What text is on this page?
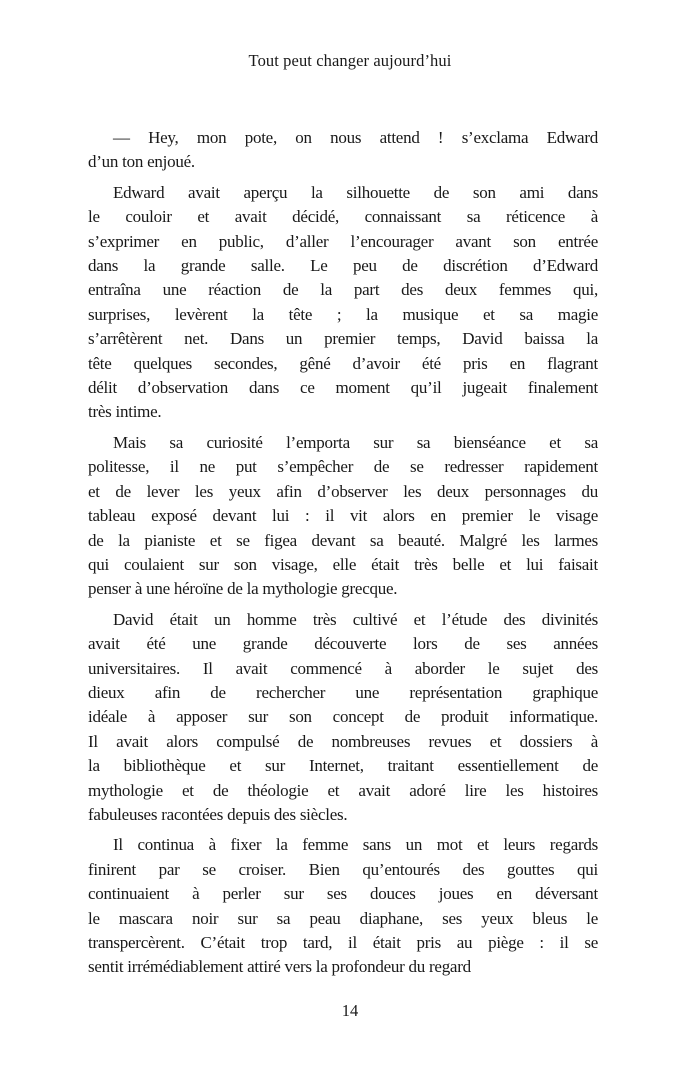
Tout peut changer aujourd’hui
— Hey, mon pote, on nous attend ! s’exclama Edward
d’un ton enjoué.
Edward avait aperçu la silhouette de son ami dans
le couloir et avait décidé, connaissant sa réticence à
s’exprimer en public, d’aller l’encourager avant son entrée
dans la grande salle. Le peu de discrétion d’Edward
entraîna une réaction de la part des deux femmes qui,
surprises, levèrent la tête ; la musique et sa magie
s’arrêtèrent net. Dans un premier temps, David baissa la
tête quelques secondes, gêné d’avoir été pris en flagrant
délit d’observation dans ce moment qu’il jugeait finalement
très intime.
Mais sa curiosité l’emporta sur sa bienséance et sa
politesse, il ne put s’empêcher de se redresser rapidement
et de lever les yeux afin d’observer les deux personnages du
tableau exposé devant lui : il vit alors en premier le visage
de la pianiste et se figea devant sa beauté. Malgré les larmes
qui coulaient sur son visage, elle était très belle et lui faisait
penser à une héroïne de la mythologie grecque.
David était un homme très cultivé et l’étude des divinités
avait été une grande découverte lors de ses années
universitaires. Il avait commencé à aborder le sujet des
dieux afin de rechercher une représentation graphique
idéale à apposer sur son concept de produit informatique.
Il avait alors compulsé de nombreuses revues et dossiers à
la bibliothèque et sur Internet, traitant essentiellement de
mythologie et de théologie et avait adoré lire les histoires
fabuleuses racontées depuis des siècles.
Il continua à fixer la femme sans un mot et leurs regards
finirent par se croiser. Bien qu’entourés des gouttes qui
continuaient à perler sur ses douces joues en déversant
le mascara noir sur sa peau diaphane, ses yeux bleus le
transpercèrent. C’était trop tard, il était pris au piège : il se
sentit irrémédiablement attiré vers la profondeur du regard
14
